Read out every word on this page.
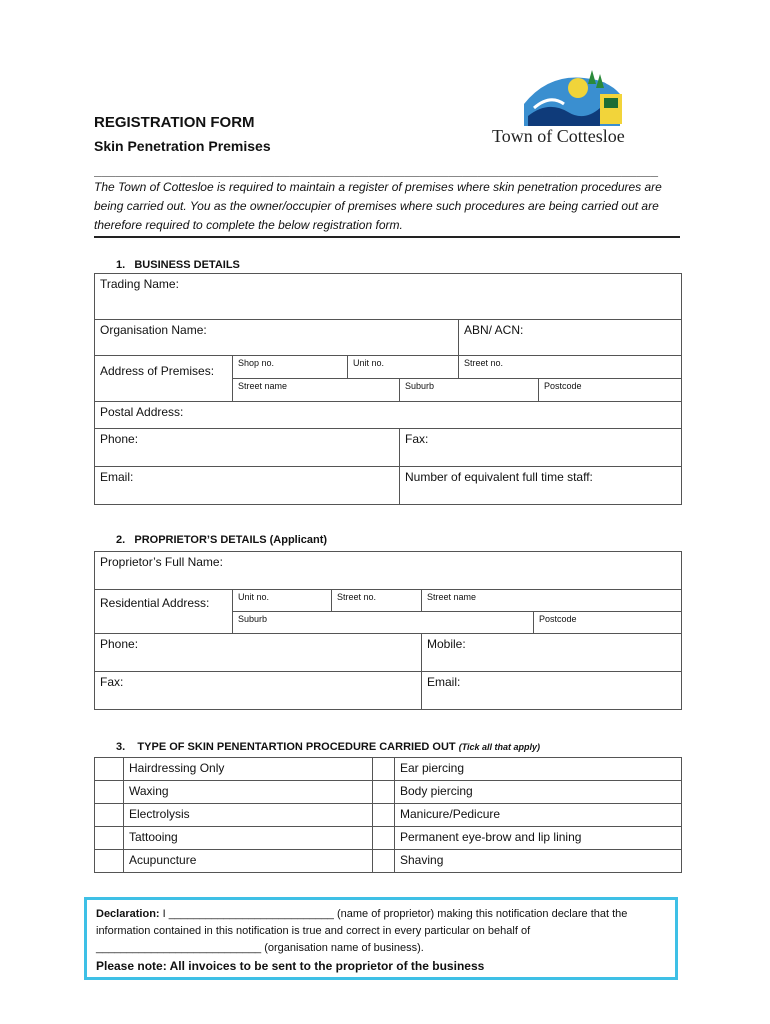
Town of Cottesloe
REGISTRATION FORM
Skin Penetration Premises
______________________________________________________________________________
The Town of Cottesloe is required to maintain a register of premises where skin penetration procedures are being carried out. You as the owner/occupier of premises where such procedures are being carried out are therefore required to complete the below registration form.
1. BUSINESS DETAILS
Trading Name:					
Organisation Name:				ABN/ ACN:	
Address of Premises:	Shop no.	Unit no.		Street no.	
	Street name		Suburb		Postcode
Postal Address:					
Phone:			Fax:		
Email:			Number of equivalent full time staff:		
2. PROPRIETOR’S DETAILS (Applicant)
Proprietor’s Full Name:				
Residential Address:	Unit no.	Street no.	Street name	
	Suburb			Postcode
Phone:			Mobile:	
Fax:			Email:	
3. TYPE OF SKIN PENENTARTION PROCEDURE CARRIED OUT (Tick all that apply)
	Hairdressing Only		Ear piercing
	Waxing		Body piercing
	Electrolysis		Manicure/Pedicure
	Tattooing		Permanent eye-brow and lip lining
	Acupuncture		Shaving
Declaration: I ___________________________ (name of proprietor) making this notification declare that the
information contained in this notification is true and correct in every particular on behalf of
___________________________ (organisation name of business).
Please note: All invoices to be sent to the proprietor of the business
